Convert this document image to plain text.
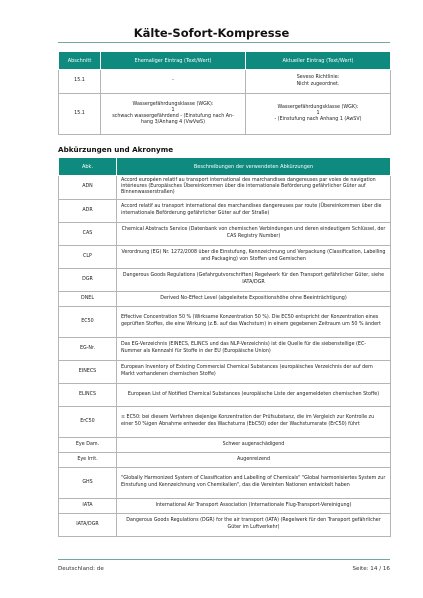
Kälte-Sofort-Kompresse
Abschnitt	Ehemaliger Eintrag (Text/Wert)	Aktueller Eintrag (Text/Wert)
15.1	-	Seveso Richtlinie:
Nicht zugeordnet.
15.1	Wassergefährdungsklasse (WGK):
1
schwach wassergefährdend - (Einstufung nach An-
hang 3/Anhang 4 (VwVwS)	Wassergefährdungsklasse (WGK):
1
- (Einstufung nach Anhang 1 (AwSV)
Abkürzungen und Akronyme
Abk.	Beschreibungen der verwendeten Abkürzungen
ADN	Accord européen relatif au transport international des marchandises dangereuses par voies de navigation intérieures (Europäisches Übereinkommen über die internationale Beförderung gefährlicher Güter auf Binnenwasserstraßen)
ADR	Accord relatif au transport international des marchandises dangereuses par route (Übereinkommen über die internationale Beförderung gefährlicher Güter auf der Straße)
CAS	Chemical Abstracts Service (Datenbank von chemischen Verbindungen und deren eindeutigem Schlüssel, der CAS Registry Number)
CLP	Verordnung (EG) Nr. 1272/2008 über die Einstufung, Kennzeichnung und Verpackung (Classification, Labelling and Packaging) von Stoffen und Gemischen
DGR	Dangerous Goods Regulations (Gefahrgutvorschriften) Regelwerk für den Transport gefährlicher Güter, siehe IATA/DGR
DNEL	Derived No-Effect Level (abgeleitete Expositionshöhe ohne Beeinträchtigung)
EC50	Effective Concentration 50 % (Wirksame Konzentration 50 %). Die EC50 entspricht der Konzentration eines geprüften Stoffes, die eine Wirkung (z.B. auf das Wachstum) in einem gegebenen Zeitraum um 50 % ändert
EG-Nr.	Das EG-Verzeichnis (EINECS, ELINCS und das NLP-Verzeichnis) ist die Quelle für die siebenstellige (EC-Nummer als Kennzahl für Stoffe in der EU (Europäische Union)
EINECS	European Inventory of Existing Commercial Chemical Substances (europäisches Verzeichnis der auf dem Markt vorhandenen chemischen Stoffe)
ELINCS	European List of Notified Chemical Substances (europäische Liste der angemeldeten chemischen Stoffe)
ErC50	≡ EC50: bei diesem Verfahren diejenige Konzentration der Prüfsubstanz, die im Vergleich zur Kontrolle zu einer 50 %igen Abnahme entweder des Wachstums (EbC50) oder der Wachstumsrate (ErC50) führt
Eye Dam.	Schwer augenschädigend
Eye Irrit.	Augenreizend
GHS	"Globally Harmonized System of Classification and Labelling of Chemicals" "Global harmonisiertes System zur Einstufung und Kennzeichnung von Chemikalien", das die Vereinten Nationen entwickelt haben
IATA	International Air Transport Association (Internationale Flug-Transport-Vereinigung)
IATA/DGR	Dangerous Goods Regulations (DGR) for the air transport (IATA) (Regelwerk für den Transport gefährlicher Güter im Luftverkehr)
Deutschland: de	Seite: 14 / 16
